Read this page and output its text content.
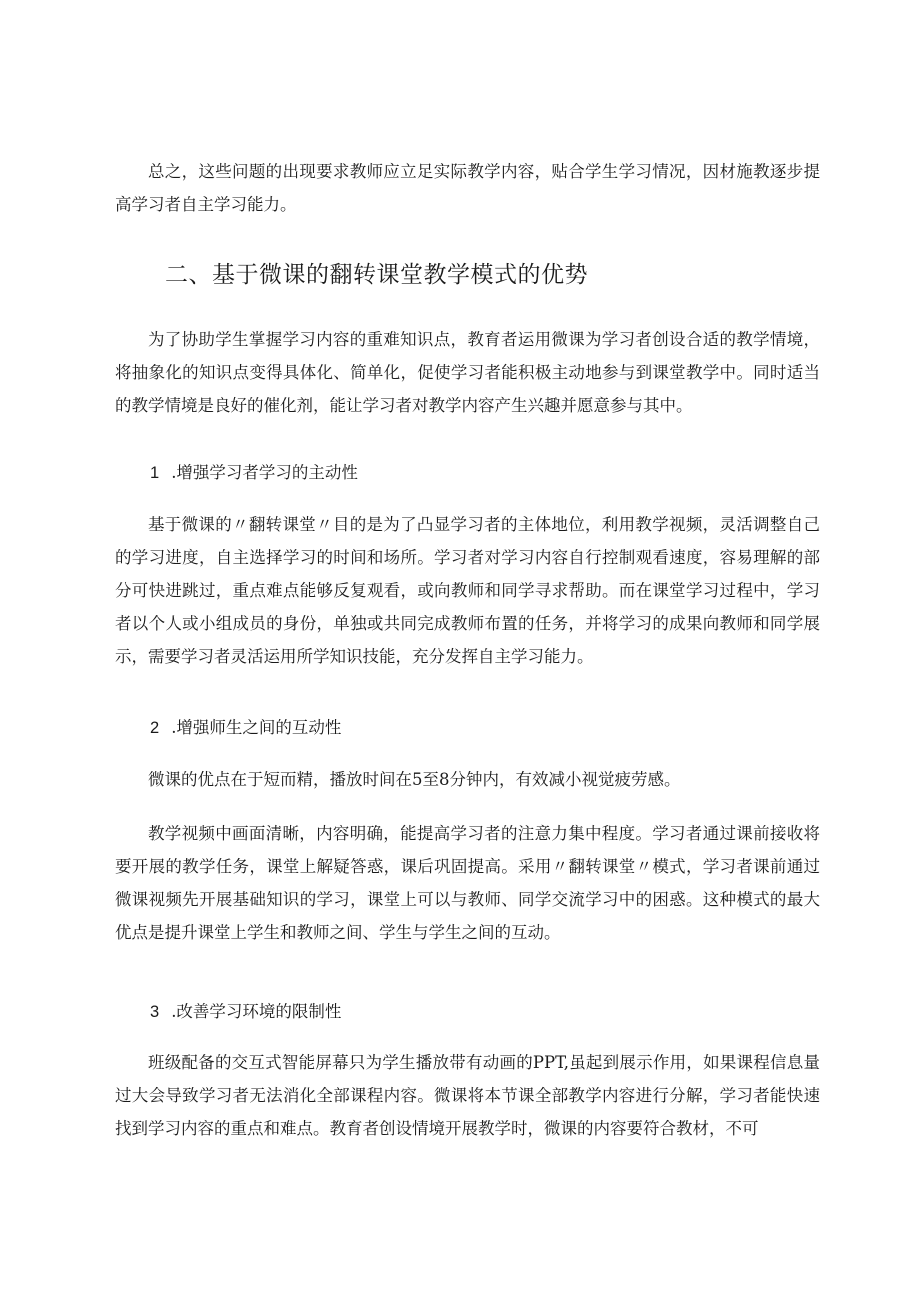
总之，这些问题的出现要求教师应立足实际教学内容，贴合学生学习情况，因材施教逐步提高学习者自主学习能力。

二、基于微课的翻转课堂教学模式的优势

为了协助学生掌握学习内容的重难知识点，教育者运用微课为学习者创设合适的教学情境，将抽象化的知识点变得具体化、简单化，促使学习者能积极主动地参与到课堂教学中。同时适当的教学情境是良好的催化剂，能让学习者对教学内容产生兴趣并愿意参与其中。

1 .增强学习者学习的主动性

基于微课的〃翻转课堂〃目的是为了凸显学习者的主体地位，利用教学视频，灵活调整自己的学习进度，自主选择学习的时间和场所。学习者对学习内容自行控制观看速度，容易理解的部分可快进跳过，重点难点能够反复观看，或向教师和同学寻求帮助。而在课堂学习过程中，学习者以个人或小组成员的身份，单独或共同完成教师布置的任务，并将学习的成果向教师和同学展示，需要学习者灵活运用所学知识技能，充分发挥自主学习能力。

2 .增强师生之间的互动性

微课的优点在于短而精，播放时间在5至8分钟内，有效减小视觉疲劳感。

教学视频中画面清晰，内容明确，能提高学习者的注意力集中程度。学习者通过课前接收将要开展的教学任务，课堂上解疑答惑，课后巩固提高。采用〃翻转课堂〃模式，学习者课前通过微课视频先开展基础知识的学习，课堂上可以与教师、同学交流学习中的困惑。这种模式的最大优点是提升课堂上学生和教师之间、学生与学生之间的互动。

3 .改善学习环境的限制性

班级配备的交互式智能屏幕只为学生播放带有动画的PPT,虽起到展示作用，如果课程信息量过大会导致学习者无法消化全部课程内容。微课将本节课全部教学内容进行分解，学习者能快速找到学习内容的重点和难点。教育者创设情境开展教学时，微课的内容要符合教材，不可
